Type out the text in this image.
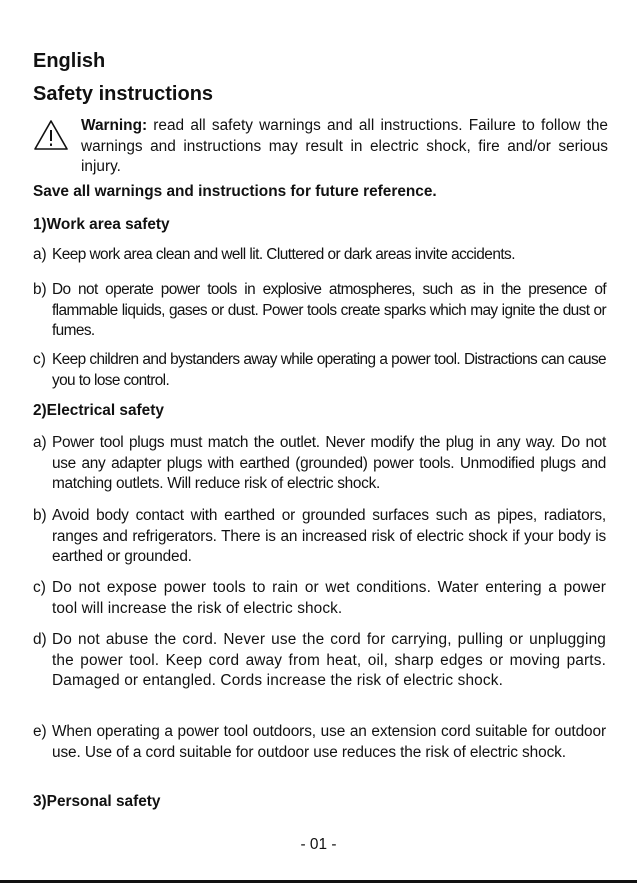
English
Safety instructions
Warning: read all safety warnings and all instructions. Failure to follow the warnings and instructions may result in electric shock, fire and/or serious injury.
Save all warnings and instructions for future reference.
1)Work area safety
a) Keep work area clean and well lit. Cluttered or dark areas invite accidents.
b) Do not operate power tools in explosive atmospheres, such as in the presence of flammable liquids, gases or dust. Power tools create sparks which may ignite the dust or fumes.
c) Keep children and bystanders away while operating a power tool. Distractions can cause you to lose control.
2)Electrical safety
a) Power tool plugs must match the outlet. Never modify the plug in any way. Do not use any adapter plugs with earthed (grounded) power tools. Unmodified plugs and matching outlets. Will reduce risk of electric shock.
b) Avoid body contact with earthed or grounded surfaces such as pipes, radiators, ranges and refrigerators. There is an increased risk of electric shock if your body is earthed or grounded.
c) Do not expose power tools to rain or wet conditions. Water entering a power tool will increase the risk of electric shock.
d) Do not abuse the cord. Never use the cord for carrying, pulling or unplugging the power tool. Keep cord away from heat, oil, sharp edges or moving parts. Damaged or entangled. Cords increase the risk of electric shock.
e) When operating a power tool outdoors, use an extension cord suitable for outdoor use. Use of a cord suitable for outdoor use reduces the risk of electric shock.
3)Personal safety
- 01 -
